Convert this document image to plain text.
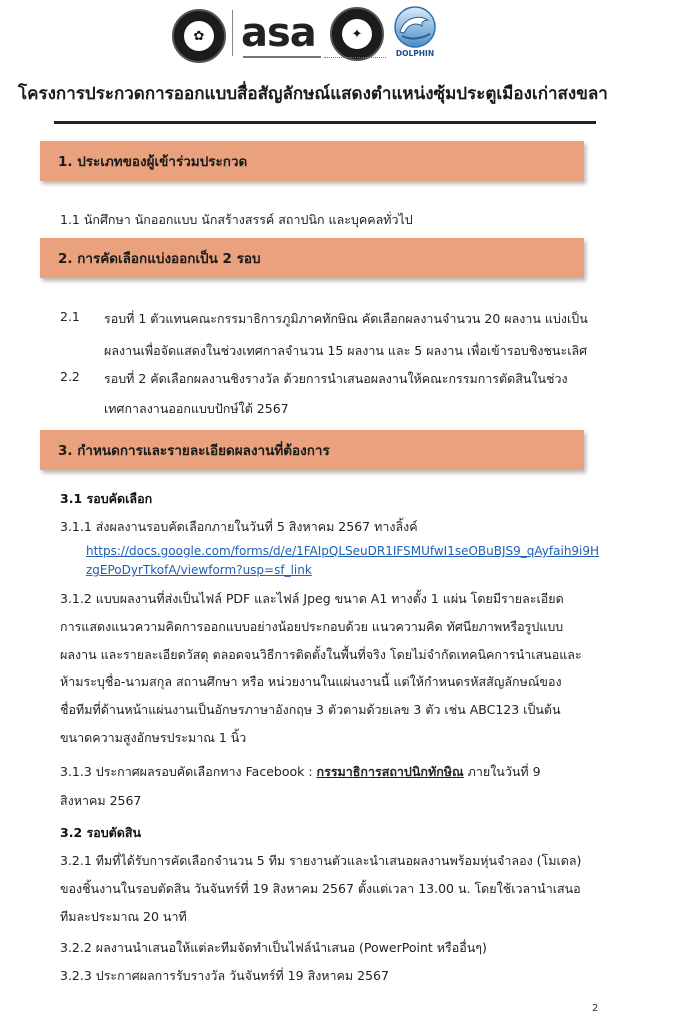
✿ asa	✦
DOLPHIN
โครงการประกวดการออกแบบสื่อสัญลักษณ์แสดงตำแหน่งซุ้มประตูเมืองเก่าสงขลา
1. ประเภทของผู้เข้าร่วมประกวด
1.1 นักศึกษา นักออกแบบ นักสร้างสรรค์ สถาปนิก และบุคคลทั่วไป
2. การคัดเลือกแบ่งออกเป็น 2 รอบ
2.1 รอบที่ 1 ตัวแทนคณะกรรมาธิการภูมิภาคทักษิณ คัดเลือกผลงานจำนวน 20 ผลงาน แบ่งเป็น
ผลงานเพื่อจัดแสดงในช่วงเทศกาลจำนวน 15 ผลงาน และ 5 ผลงาน เพื่อเข้ารอบชิงชนะเลิศ
2.2 รอบที่ 2 คัดเลือกผลงานชิงรางวัล ด้วยการนำเสนอผลงานให้คณะกรรมการตัดสินในช่วง
เทศกาลงานออกแบบปักษ์ใต้ 2567
3. กำหนดการและรายละเอียดผลงานที่ต้องการ
3.1 รอบคัดเลือก
3.1.1 ส่งผลงานรอบคัดเลือกภายในวันที่ 5 สิงหาคม 2567 ทางลิ้งค์
https://docs.google.com/forms/d/e/1FAIpQLSeuDR1IFSMUfwI1seOBuBJS9_qAyfaih9i9H
zgEPoDyrTkofA/viewform?usp=sf_link
3.1.2 แบบผลงานที่ส่งเป็นไฟล์ PDF และไฟล์ Jpeg ขนาด A1 ทางตั้ง 1 แผ่น โดยมีรายละเอียด
การแสดงแนวความคิดการออกแบบอย่างน้อยประกอบด้วย แนวความคิด ทัศนียภาพหรือรูปแบบ
ผลงาน และรายละเอียดวัสดุ ตลอดจนวิธีการติดตั้งในพื้นที่จริง โดยไม่จำกัดเทคนิคการนำเสนอและ
ห้ามระบุชื่อ-นามสกุล สถานศึกษา หรือ หน่วยงานในแผ่นงานนี้ แต่ให้กำหนดรหัสสัญลักษณ์ของ
ชื่อทีมที่ด้านหน้าแผ่นงานเป็นอักษรภาษาอังกฤษ 3 ตัวตามด้วยเลข 3 ตัว เช่น ABC123 เป็นต้น
ขนาดความสูงอักษรประมาณ 1 นิ้ว
3.1.3 ประกาศผลรอบคัดเลือกทาง Facebook : กรรมาธิการสถาปนิกทักษิณ ภายในวันที่ 9
สิงหาคม 2567
3.2 รอบตัดสิน
3.2.1 ทีมที่ได้รับการคัดเลือกจำนวน 5 ทีม รายงานตัวและนำเสนอผลงานพร้อมหุ่นจำลอง (โมเดล)
ของชิ้นงานในรอบตัดสิน วันจันทร์ที่ 19 สิงหาคม 2567 ตั้งแต่เวลา 13.00 น. โดยใช้เวลานำเสนอ
ทีมละประมาณ 20 นาที
3.2.2 ผลงานนำเสนอให้แต่ละทีมจัดทำเป็นไฟล์นำเสนอ (PowerPoint หรืออื่นๆ)
3.2.3 ประกาศผลการรับรางวัล วันจันทร์ที่ 19 สิงหาคม 2567
2
